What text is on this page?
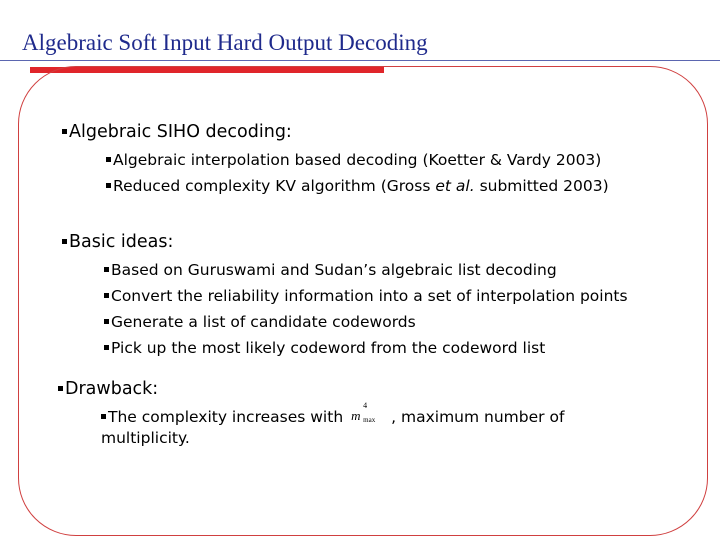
Algebraic Soft Input Hard Output Decoding
Algebraic SIHO decoding:
Algebraic interpolation based decoding (Koetter & Vardy 2003)
Reduced complexity KV algorithm (Gross et al. submitted 2003)
Basic ideas:
Based on Guruswami and Sudan’s algebraic list decoding
Convert the reliability information into a set of interpolation points
Generate a list of candidate codewords
Pick up the most likely codeword from the codeword list
Drawback:
The complexity increases with m
4
max , maximum number of
multiplicity.
